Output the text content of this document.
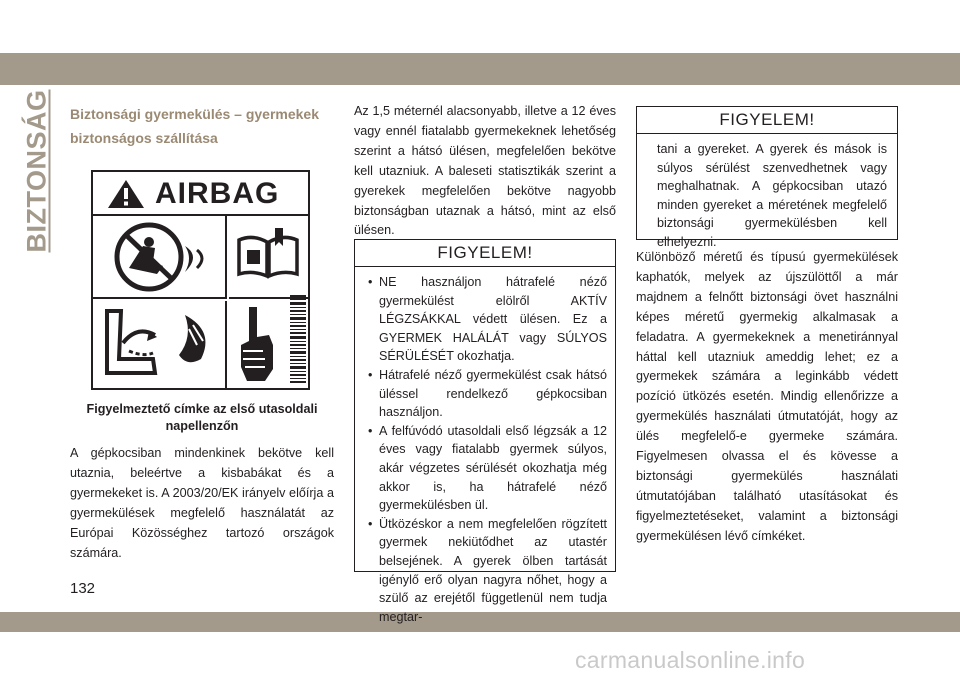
BIZTONSÁG Biztonsági gyermekülés – gyermekek biztonságos szállítása

AIRBAG

Figyelmeztető címke az első utasoldali napellenzőn

A gépkocsiban mindenkinek bekötve kell utaznia, beleértve a kisbabákat és a gyermekeket is. A 2003/20/EK irányelv előírja a gyermekülések megfelelő használatát az Európai Közösséghez tartozó országok számára.

Az 1,5 méternél alacsonyabb, illetve a 12 éves vagy ennél fiatalabb gyermekeknek lehetőség szerint a hátsó ülésen, megfelelően bekötve kell utazniuk. A baleseti statisztikák szerint a gyerekek megfelelően bekötve nagyobb biztonságban utaznak a hátsó, mint az első ülésen.

FIGYELEM!

• NE használjon hátrafelé néző gyermekülést elölről AKTÍV LÉGZSÁKKAL védett ülésen. Ez a GYERMEK HALÁLÁT vagy SÚLYOS SÉRÜLÉSÉT okozhatja.
• Hátrafelé néző gyermekülést csak hátsó üléssel rendelkező gépkocsiban használjon.
• A felfúvódó utasoldali első légzsák a 12 éves vagy fiatalabb gyermek súlyos, akár végzetes sérülését okozhatja még akkor is, ha hátrafelé néző gyermekülésben ül.
• Ütközéskor a nem megfelelően rögzített gyermek nekiütődhet az utastér belsejének. A gyerek ölben tartását igénylő erő olyan nagyra nőhet, hogy a szülő az erejétől függetlenül nem tudja megtar-

FIGYELEM!

tani a gyereket. A gyerek és mások is súlyos sérülést szenvedhetnek vagy meghalhatnak. A gépkocsiban utazó minden gyereket a méretének megfelelő biztonsági gyermekülésben kell elhelyezni.

Különböző méretű és típusú gyermekülések kaphatók, melyek az újszülöttől a már majdnem a felnőtt biztonsági övet használni képes méretű gyermekig alkalmasak a feladatra. A gyermekeknek a menetiránnyal háttal kell utazniuk ameddig lehet; ez a gyermekek számára a leginkább védett pozíció ütközés esetén. Mindig ellenőrizze a gyermekülés használati útmutatóját, hogy az ülés megfelelő-e gyermeke számára. Figyelmesen olvassa el és kövesse a biztonsági gyermekülés használati útmutatójában található utasításokat és figyelmeztetéseket, valamint a biztonsági gyermekülésen lévő címkéket.

132
carmanualsonline.info
